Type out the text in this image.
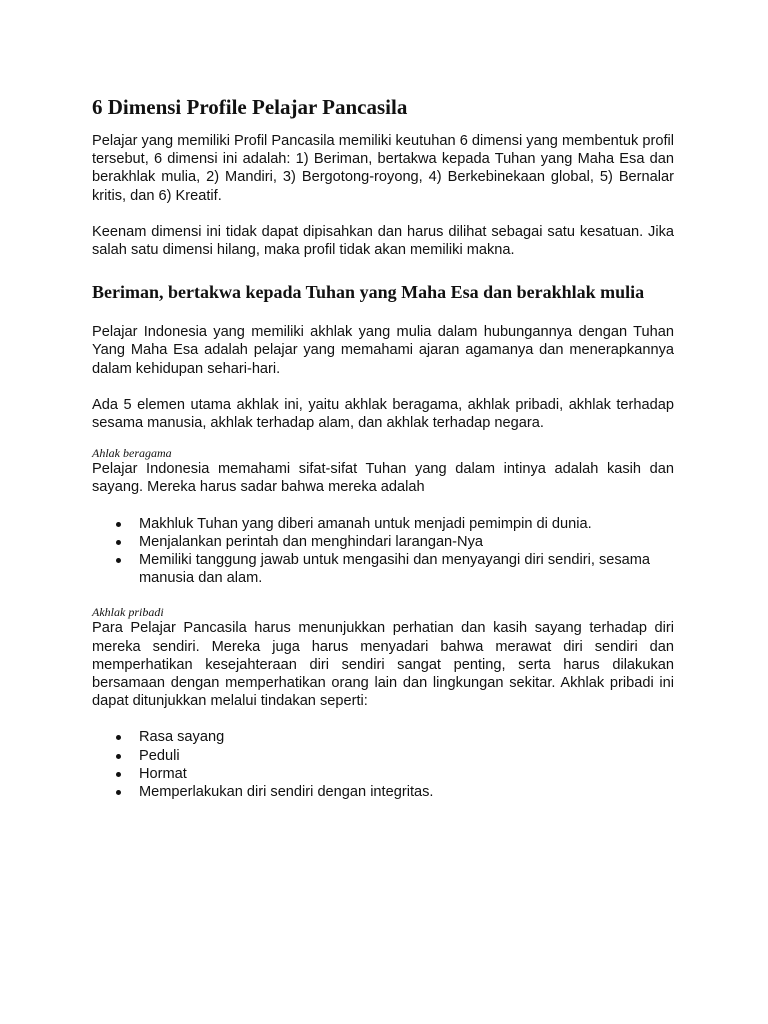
6 Dimensi Profile Pelajar Pancasila

Pelajar yang memiliki Profil Pancasila memiliki keutuhan 6 dimensi yang membentuk profil tersebut, 6 dimensi ini adalah: 1) Beriman, bertakwa kepada Tuhan yang Maha Esa dan berakhlak mulia, 2) Mandiri, 3) Bergotong-royong, 4) Berkebinekaan global, 5) Bernalar kritis, dan 6) Kreatif.

Keenam dimensi ini tidak dapat dipisahkan dan harus dilihat sebagai satu kesatuan. Jika salah satu dimensi hilang, maka profil tidak akan memiliki makna.

Beriman, bertakwa kepada Tuhan yang Maha Esa dan berakhlak mulia

Pelajar Indonesia yang memiliki akhlak yang mulia dalam hubungannya dengan Tuhan Yang Maha Esa adalah pelajar yang memahami ajaran agamanya dan menerapkannya dalam kehidupan sehari-hari.

Ada 5 elemen utama akhlak ini, yaitu akhlak beragama, akhlak pribadi, akhlak terhadap sesama manusia, akhlak terhadap alam, dan akhlak terhadap negara.

Ahlak beragama

Pelajar Indonesia memahami sifat-sifat Tuhan yang dalam intinya adalah kasih dan sayang. Mereka harus sadar bahwa mereka adalah

Makhluk Tuhan yang diberi amanah untuk menjadi pemimpin di dunia.
Menjalankan perintah dan menghindari larangan-Nya
Memiliki tanggung jawab untuk mengasihi dan menyayangi diri sendiri, sesama manusia dan alam.
Akhlak pribadi

Para Pelajar Pancasila harus menunjukkan perhatian dan kasih sayang terhadap diri mereka sendiri. Mereka juga harus menyadari bahwa merawat diri sendiri dan memperhatikan kesejahteraan diri sendiri sangat penting, serta harus dilakukan bersamaan dengan memperhatikan orang lain dan lingkungan sekitar. Akhlak pribadi ini dapat ditunjukkan melalui tindakan seperti:

Rasa sayang
Peduli
Hormat
Memperlakukan diri sendiri dengan integritas.
